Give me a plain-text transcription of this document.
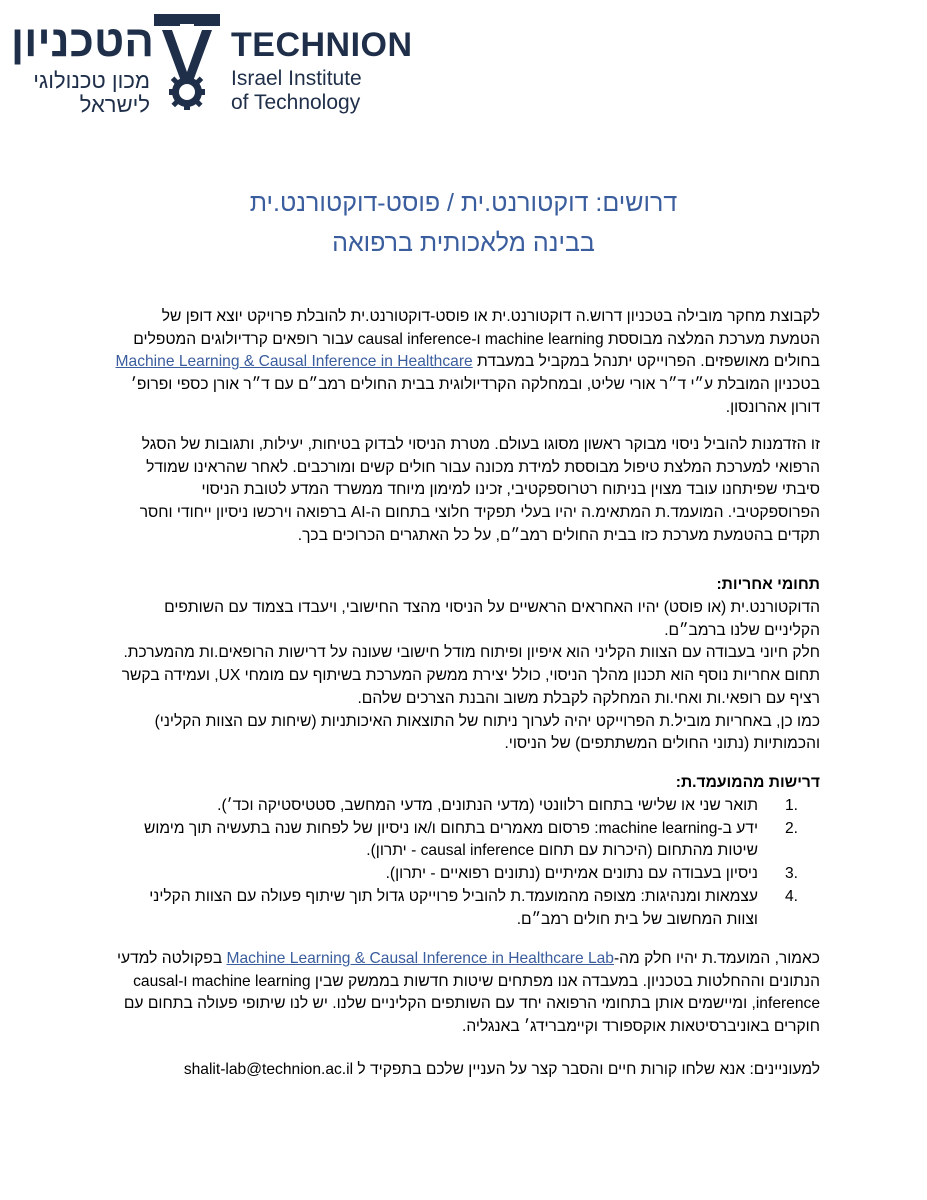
הטכניון
מכון טכנולוגי
לישראל
TECHNION
Israel Institute
of Technology
דרושים: דוקטורנט.ית / פוסט-דוקטורנט.ית
בבינה מלאכותית ברפואה

לקבוצת מחקר מובילה בטכניון דרוש.ה דוקטורנט.ית או פוסט-דוקטורנט.ית להובלת פרויקט יוצא דופן של הטמעת מערכת המלצה מבוססת machine learning ו-causal inference עבור רופאים קרדיולוגים המטפלים בחולים מאושפזים. הפרוייקט יתנהל במקביל במעבדת Machine Learning & Causal Inference in Healthcare בטכניון המובלת ע״י ד״ר אורי שליט, ובמחלקה הקרדיולוגית בבית החולים רמב״ם עם ד״ר אורן כספי ופרופ׳ דורון אהרונסון.

זו הזדמנות להוביל ניסוי מבוקר ראשון מסוגו בעולם. מטרת הניסוי לבדוק בטיחות, יעילות, ותגובות של הסגל הרפואי למערכת המלצת טיפול מבוססת למידת מכונה עבור חולים קשים ומורכבים. לאחר שהראינו שמודל סיבתי שפיתחנו עובד מצוין בניתוח רטרוספקטיבי, זכינו למימון מיוחד ממשרד המדע לטובת הניסוי הפרוספקטיבי. המועמד.ת המתאימ.ה יהיו בעלי תפקיד חלוצי בתחום ה-AI ברפואה וירכשו ניסיון ייחודי וחסר תקדים בהטמעת מערכת כזו בבית החולים רמב״ם, על כל האתגרים הכרוכים בכך.

תחומי אחריות:
הדוקטורנט.ית (או פוסט) יהיו האחראים הראשיים על הניסוי מהצד החישובי, ויעבדו בצמוד עם השותפים הקליניים שלנו ברמב״ם.
חלק חיוני בעבודה עם הצוות הקליני הוא איפיון ופיתוח מודל חישובי שעונה על דרישות הרופאים.ות מהמערכת.
תחום אחריות נוסף הוא תכנון מהלך הניסוי, כולל יצירת ממשק המערכת בשיתוף עם מומחי UX, ועמידה בקשר רציף עם רופאי.ות ואחי.ות המחלקה לקבלת משוב והבנת הצרכים שלהם.
כמו כן, באחריות מוביל.ת הפרוייקט יהיה לערוך ניתוח של התוצאות האיכותניות (שיחות עם הצוות הקליני) והכמותיות (נתוני החולים המשתתפים) של הניסוי.
דרישות מהמועמד.ת:
1.
תואר שני או שלישי בתחום רלוונטי (מדעי הנתונים, מדעי המחשב, סטטיסטיקה וכד׳).
2.
ידע ב-machine learning: פרסום מאמרים בתחום ו/או ניסיון של לפחות שנה בתעשיה תוך מימוש שיטות מהתחום (היכרות עם תחום causal inference - יתרון).
3.
ניסיון בעבודה עם נתונים אמיתיים (נתונים רפואיים - יתרון).
4.
עצמאות ומנהיגות: מצופה מהמועמד.ת להוביל פרוייקט גדול תוך שיתוף פעולה עם הצוות הקליני וצוות המחשוב של בית חולים רמב״ם.

כאמור, המועמד.ת יהיו חלק מה-Machine Learning & Causal Inference in Healthcare Lab בפקולטה למדעי הנתונים וההחלטות בטכניון. במעבדה אנו מפתחים שיטות חדשות בממשק שבין machine learning ו-causal inference, ומיישמים אותן בתחומי הרפואה יחד עם השותפים הקליניים שלנו. יש לנו שיתופי פעולה בתחום עם חוקרים באוניברסיטאות אוקספורד וקיימברידג׳ באנגליה.

למעוניינים: אנא שלחו קורות חיים והסבר קצר על העניין שלכם בתפקיד ל shalit-lab@technion.ac.il
